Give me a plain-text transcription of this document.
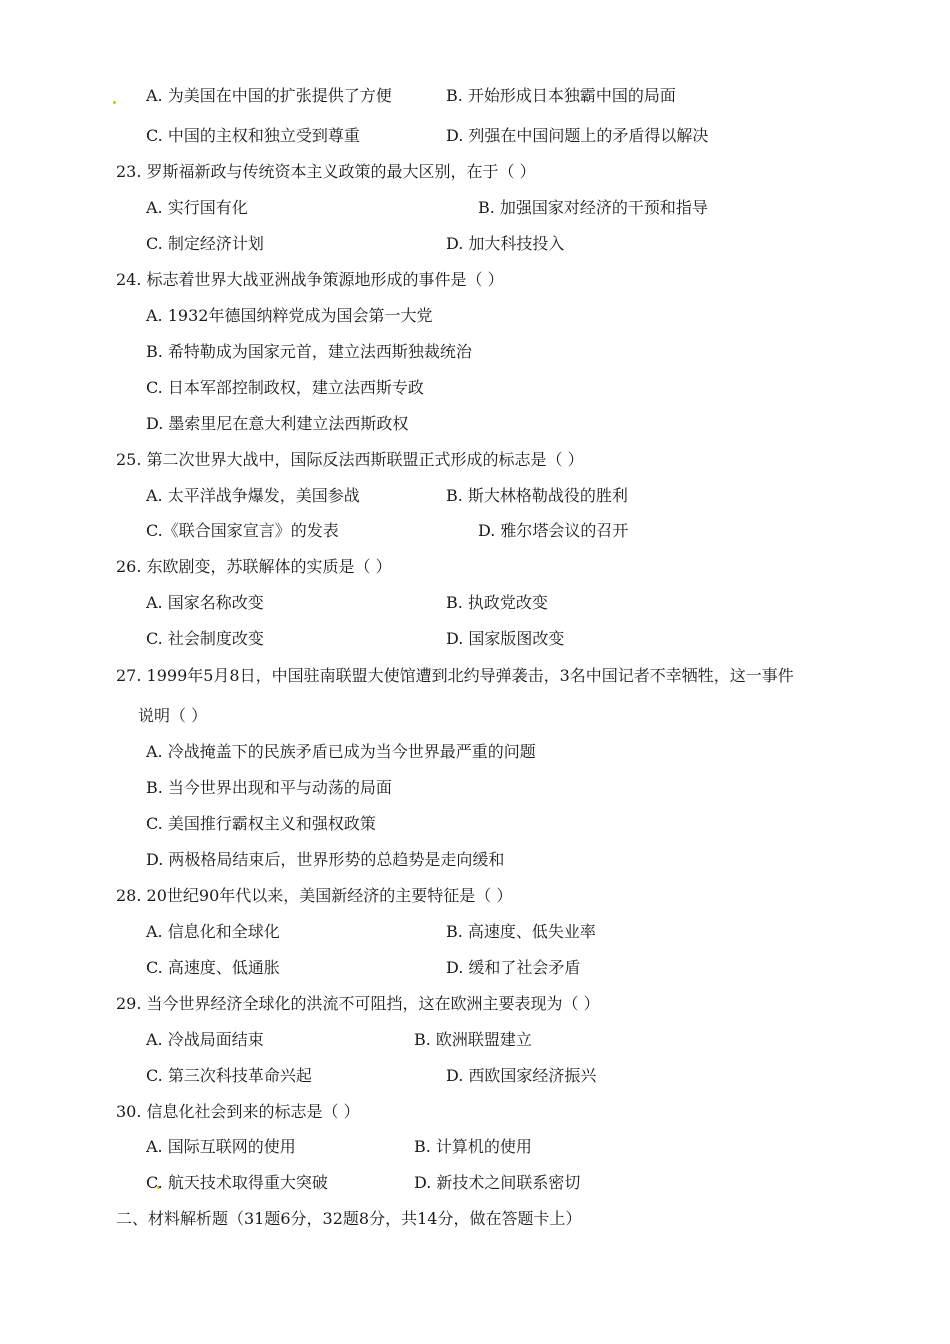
A. 为美国在中国的扩张提供了方便	B. 开始形成日本独霸中国的局面
C. 中国的主权和独立受到尊重	D. 列强在中国问题上的矛盾得以解决
23. 罗斯福新政与传统资本主义政策的最大区别，在于（ ）
A. 实行国有化	B. 加强国家对经济的干预和指导
C. 制定经济计划	D. 加大科技投入
24. 标志着世界大战亚洲战争策源地形成的事件是（ ）
A. 1932年德国纳粹党成为国会第一大党
B. 希特勒成为国家元首，建立法西斯独裁统治
C. 日本军部控制政权，建立法西斯专政
D. 墨索里尼在意大利建立法西斯政权
25. 第二次世界大战中，国际反法西斯联盟正式形成的标志是（ ）
A. 太平洋战争爆发，美国参战	B. 斯大林格勒战役的胜利
C.《联合国家宣言》的发表	D. 雅尔塔会议的召开
26. 东欧剧变，苏联解体的实质是（ ）
A. 国家名称改变	B. 执政党改变
C. 社会制度改变	D. 国家版图改变
27. 1999年5月8日，中国驻南联盟大使馆遭到北约导弹袭击，3名中国记者不幸牺牲，这一事件
说明（ ）
A. 冷战掩盖下的民族矛盾已成为当今世界最严重的问题
B. 当今世界出现和平与动荡的局面
C. 美国推行霸权主义和强权政策
D. 两极格局结束后，世界形势的总趋势是走向缓和
28. 20世纪90年代以来，美国新经济的主要特征是（ ）
A. 信息化和全球化	B. 高速度、低失业率
C. 高速度、低通胀	D. 缓和了社会矛盾
29. 当今世界经济全球化的洪流不可阻挡，这在欧洲主要表现为（ ）
A. 冷战局面结束	B. 欧洲联盟建立
C. 第三次科技革命兴起	D. 西欧国家经济振兴
30. 信息化社会到来的标志是（ ）
A. 国际互联网的使用	B. 计算机的使用
C. 航天技术取得重大突破	D. 新技术之间联系密切
二、材料解析题（31题6分，32题8分，共14分，做在答题卡上）
